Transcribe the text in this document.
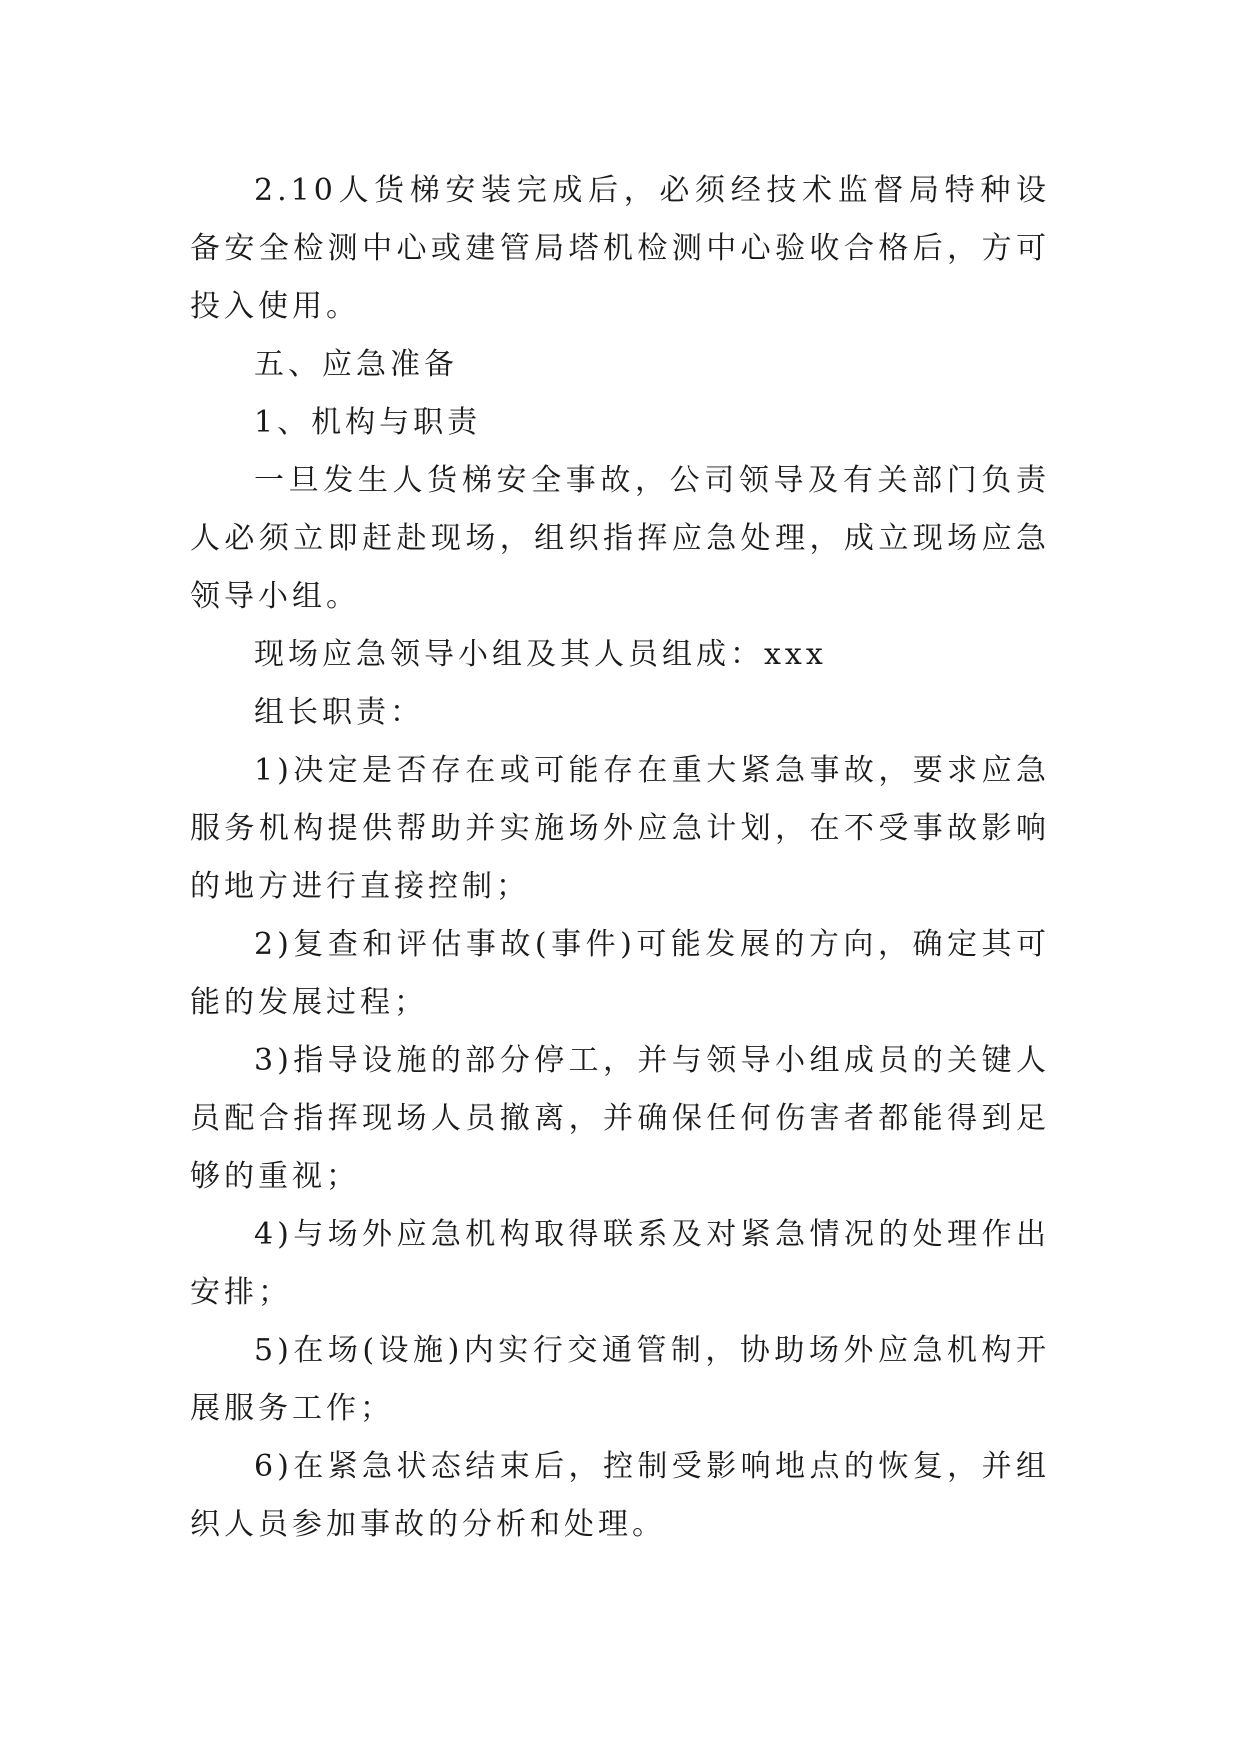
2.10人货梯安装完成后，必须经技术监督局特种设备安全检测中心或建管局塔机检测中心验收合格后，方可投入使用。

五、应急准备

1、机构与职责

一旦发生人货梯安全事故，公司领导及有关部门负责人必须立即赶赴现场，组织指挥应急处理，成立现场应急领导小组。

现场应急领导小组及其人员组成：xxx

组长职责：

1)决定是否存在或可能存在重大紧急事故，要求应急服务机构提供帮助并实施场外应急计划，在不受事故影响的地方进行直接控制；

2)复查和评估事故(事件)可能发展的方向，确定其可能的发展过程；

3)指导设施的部分停工，并与领导小组成员的关键人员配合指挥现场人员撤离，并确保任何伤害者都能得到足够的重视；

4)与场外应急机构取得联系及对紧急情况的处理作出安排；

5)在场(设施)内实行交通管制，协助场外应急机构开展服务工作；

6)在紧急状态结束后，控制受影响地点的恢复，并组织人员参加事故的分析和处理。
